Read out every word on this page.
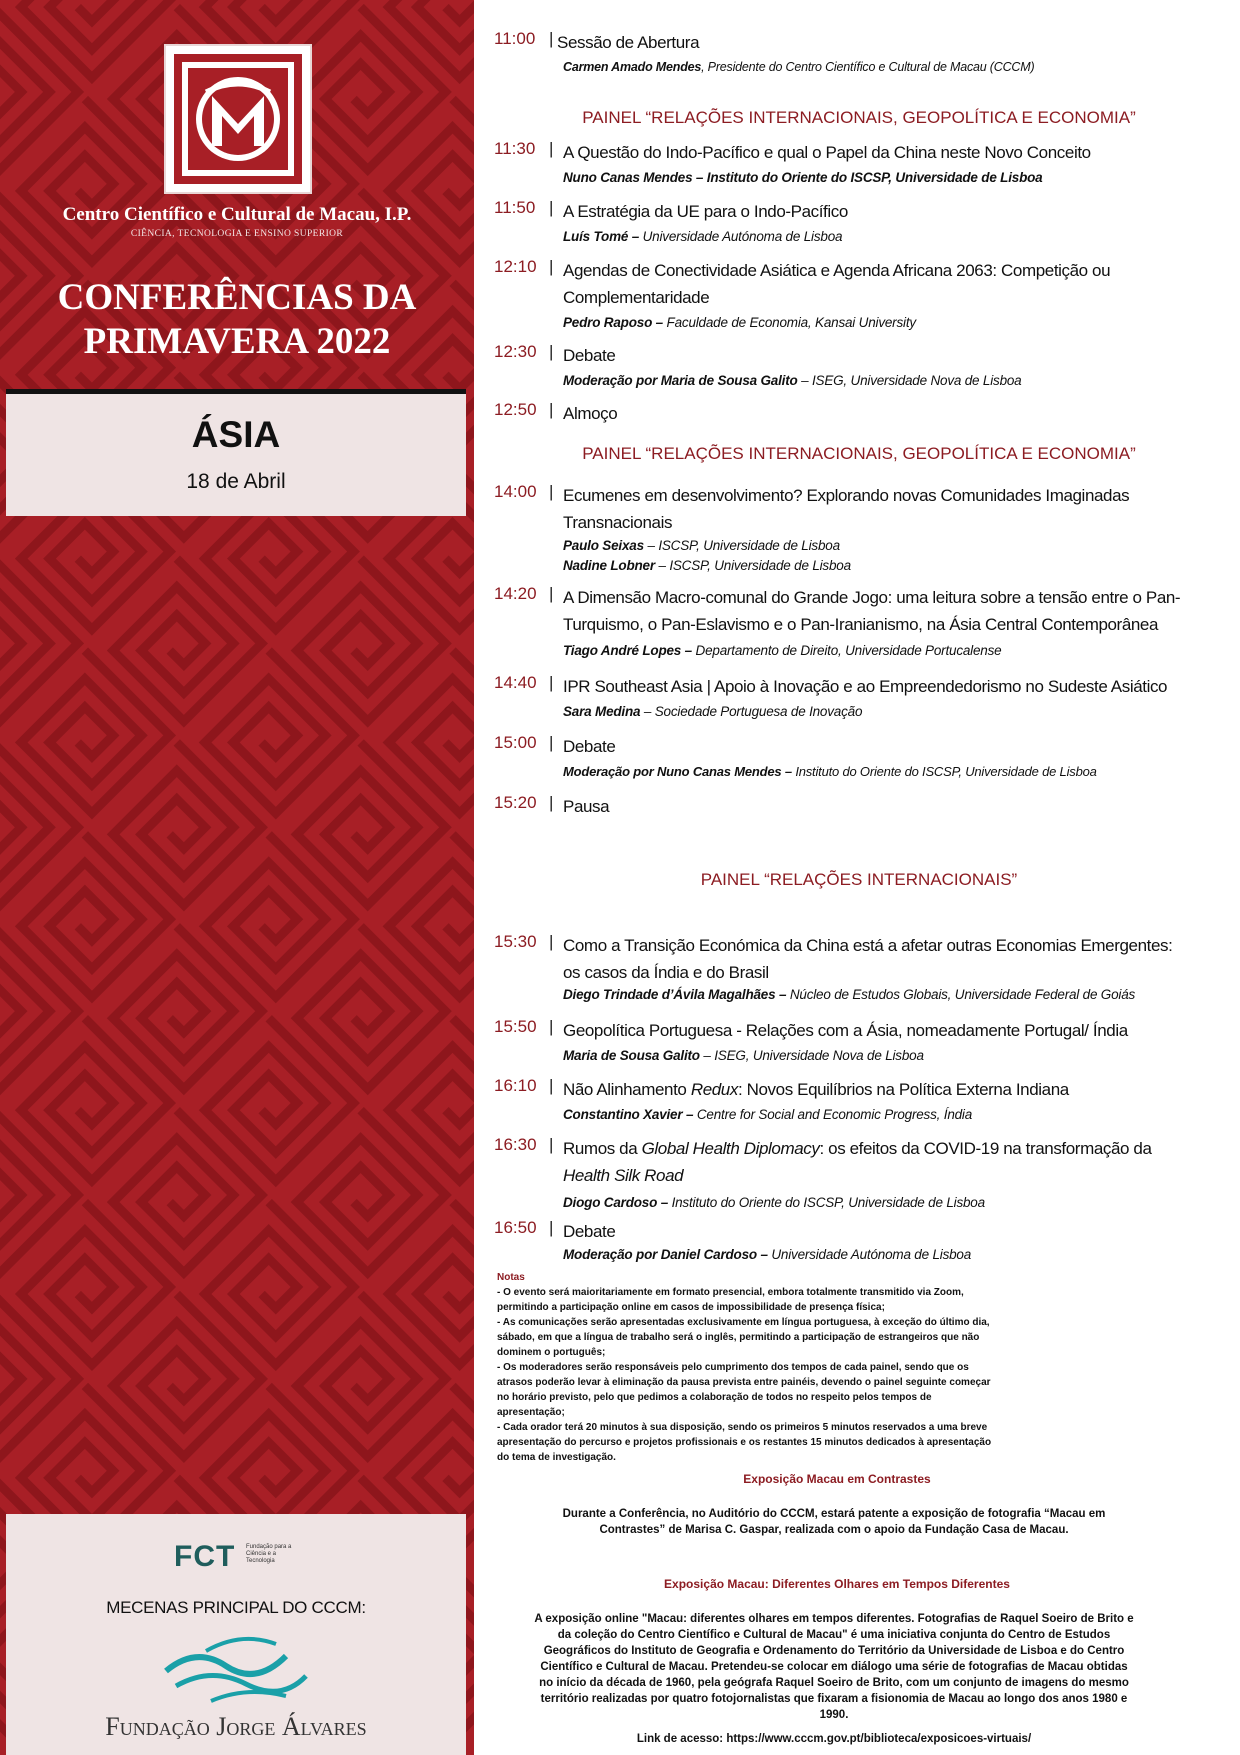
Centro Científico e Cultural de Macau, I.P.
CIÊNCIA, TECNOLOGIA E ENSINO SUPERIOR
CONFERÊNCIAS DA
PRIMAVERA 2022
ÁSIA
18 de Abril
FCT Fundação para a Ciência e a Tecnologia
MECENAS PRINCIPAL DO CCCM:
Fundação Jorge Álvares
11:00 | Sessão de Abertura
Carmen Amado Mendes, Presidente do Centro Científico e Cultural de Macau (CCCM)
PAINEL “RELAÇÕES INTERNACIONAIS, GEOPOLÍTICA E ECONOMIA”
11:30 | A Questão do Indo-Pacífico e qual o Papel da China neste Novo Conceito
Nuno Canas Mendes – Instituto do Oriente do ISCSP, Universidade de Lisboa
11:50 | A Estratégia da UE para o Indo-Pacífico
Luís Tomé – Universidade Autónoma de Lisboa
12:10 | Agendas de Conectividade Asiática e Agenda Africana 2063: Competição ou Complementaridade
Pedro Raposo – Faculdade de Economia, Kansai University
12:30 | Debate
Moderação por Maria de Sousa Galito – ISEG, Universidade Nova de Lisboa
12:50 | Almoço
PAINEL “RELAÇÕES INTERNACIONAIS, GEOPOLÍTICA E ECONOMIA”
14:00 | Ecumenes em desenvolvimento? Explorando novas Comunidades Imaginadas Transnacionais
Paulo Seixas – ISCSP, Universidade de Lisboa
Nadine Lobner – ISCSP, Universidade de Lisboa
14:20 | A Dimensão Macro-comunal do Grande Jogo: uma leitura sobre a tensão entre o Pan-Turquismo, o Pan-Eslavismo e o Pan-Iranianismo, na Ásia Central Contemporânea
Tiago André Lopes – Departamento de Direito, Universidade Portucalense
14:40 | IPR Southeast Asia | Apoio à Inovação e ao Empreendedorismo no Sudeste Asiático
Sara Medina – Sociedade Portuguesa de Inovação
15:00 | Debate
Moderação por Nuno Canas Mendes – Instituto do Oriente do ISCSP, Universidade de Lisboa
15:20 | Pausa
PAINEL “RELAÇÕES INTERNACIONAIS”
15:30 | Como a Transição Económica da China está a afetar outras Economias Emergentes: os casos da Índia e do Brasil
Diego Trindade d’Ávila Magalhães – Núcleo de Estudos Globais, Universidade Federal de Goiás
15:50 | Geopolítica Portuguesa - Relações com a Ásia, nomeadamente Portugal/ Índia
Maria de Sousa Galito – ISEG, Universidade Nova de Lisboa
16:10 | Não Alinhamento Redux: Novos Equilíbrios na Política Externa Indiana
Constantino Xavier – Centre for Social and Economic Progress, Índia
16:30 | Rumos da Global Health Diplomacy: os efeitos da COVID-19 na transformação da Health Silk Road
Diogo Cardoso – Instituto do Oriente do ISCSP, Universidade de Lisboa
16:50 | Debate
Moderação por Daniel Cardoso – Universidade Autónoma de Lisboa
Notas
- O evento será maioritariamente em formato presencial, embora totalmente transmitido via Zoom, permitindo a participação online em casos de impossibilidade de presença física;
- As comunicações serão apresentadas exclusivamente em língua portuguesa, à exceção do último dia, sábado, em que a língua de trabalho será o inglês, permitindo a participação de estrangeiros que não dominem o português;
- Os moderadores serão responsáveis pelo cumprimento dos tempos de cada painel, sendo que os atrasos poderão levar à eliminação da pausa prevista entre painéis, devendo o painel seguinte começar no horário previsto, pelo que pedimos a colaboração de todos no respeito pelos tempos de apresentação;
- Cada orador terá 20 minutos à sua disposição, sendo os primeiros 5 minutos reservados a uma breve apresentação do percurso e projetos profissionais e os restantes 15 minutos dedicados à apresentação do tema de investigação.
Exposição Macau em Contrastes
Durante a Conferência, no Auditório do CCCM, estará patente a exposição de fotografia “Macau em Contrastes” de Marisa C. Gaspar, realizada com o apoio da Fundação Casa de Macau.
Exposição Macau: Diferentes Olhares em Tempos Diferentes
A exposição online "Macau: diferentes olhares em tempos diferentes. Fotografias de Raquel Soeiro de Brito e da coleção do Centro Científico e Cultural de Macau" é uma iniciativa conjunta do Centro de Estudos Geográficos do Instituto de Geografia e Ordenamento do Território da Universidade de Lisboa e do Centro Científico e Cultural de Macau. Pretendeu-se colocar em diálogo uma série de fotografias de Macau obtidas no início da década de 1960, pela geógrafa Raquel Soeiro de Brito, com um conjunto de imagens do mesmo território realizadas por quatro fotojornalistas que fixaram a fisionomia de Macau ao longo dos anos 1980 e 1990.
Link de acesso: https://www.cccm.gov.pt/biblioteca/exposicoes-virtuais/
